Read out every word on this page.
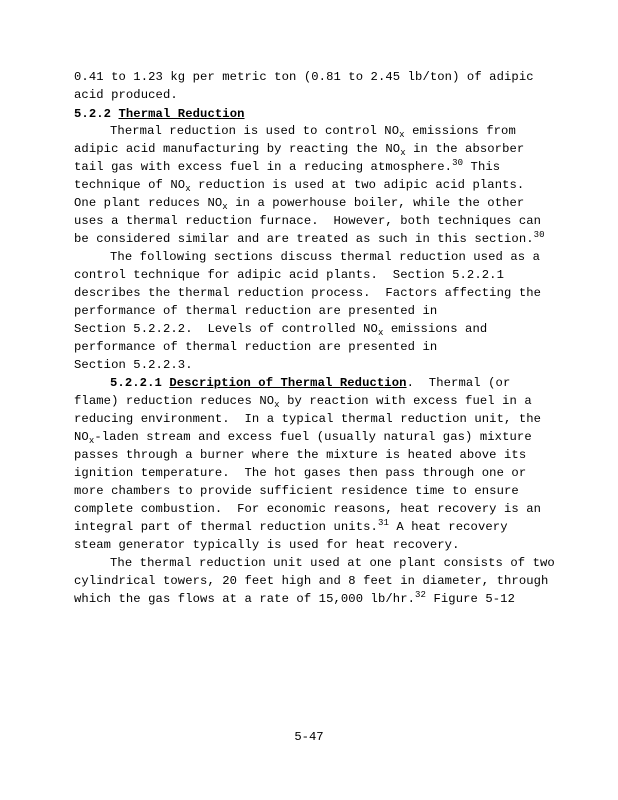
0.41 to 1.23 kg per metric ton (0.81 to 2.45 lb/ton) of adipic
acid produced.
5.2.2 Thermal Reduction
Thermal reduction is used to control $NO_x$ emissions from
adipic acid manufacturing by reacting the $NO_x$ in the absorber
tail gas with excess fuel in a reducing atmosphere.$^{30}$ This
technique of $NO_x$ reduction is used at two adipic acid plants.
One plant reduces $NO_x$ in a powerhouse boiler, while the other
uses a thermal reduction furnace.  However, both techniques can
be considered similar and are treated as such in this section.$^{30}$
The following sections discuss thermal reduction used as a
control technique for adipic acid plants.  Section 5.2.2.1
describes the thermal reduction process.  Factors affecting the
performance of thermal reduction are presented in
Section 5.2.2.2.  Levels of controlled $NO_x$ emissions and
performance of thermal reduction are presented in
Section 5.2.2.3.
5.2.2.1 Description of Thermal Reduction.  Thermal (or
flame) reduction reduces $NO_x$ by reaction with excess fuel in a
reducing environment.  In a typical thermal reduction unit, the
$NO_x$-laden stream and excess fuel (usually natural gas) mixture
passes through a burner where the mixture is heated above its
ignition temperature.  The hot gases then pass through one or
more chambers to provide sufficient residence time to ensure
complete combustion.  For economic reasons, heat recovery is an
integral part of thermal reduction units.$^{31}$ A heat recovery
steam generator typically is used for heat recovery.
The thermal reduction unit used at one plant consists of two
cylindrical towers, 20 feet high and 8 feet in diameter, through
which the gas flows at a rate of 15,000 lb/hr.$^{32}$ Figure 5-12
5-47
